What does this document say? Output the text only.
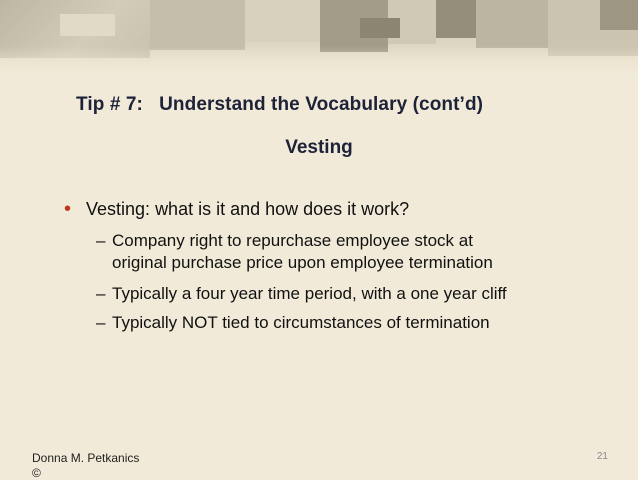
Tip # 7:   Understand the Vocabulary (cont’d)
Vesting
• Vesting: what is it and how does it work?
– Company right to repurchase employee stock at
original purchase price upon employee termination
– Typically a four year time period, with a one year cliff
– Typically NOT tied to circumstances of termination
Donna M. Petkanics
©
21
